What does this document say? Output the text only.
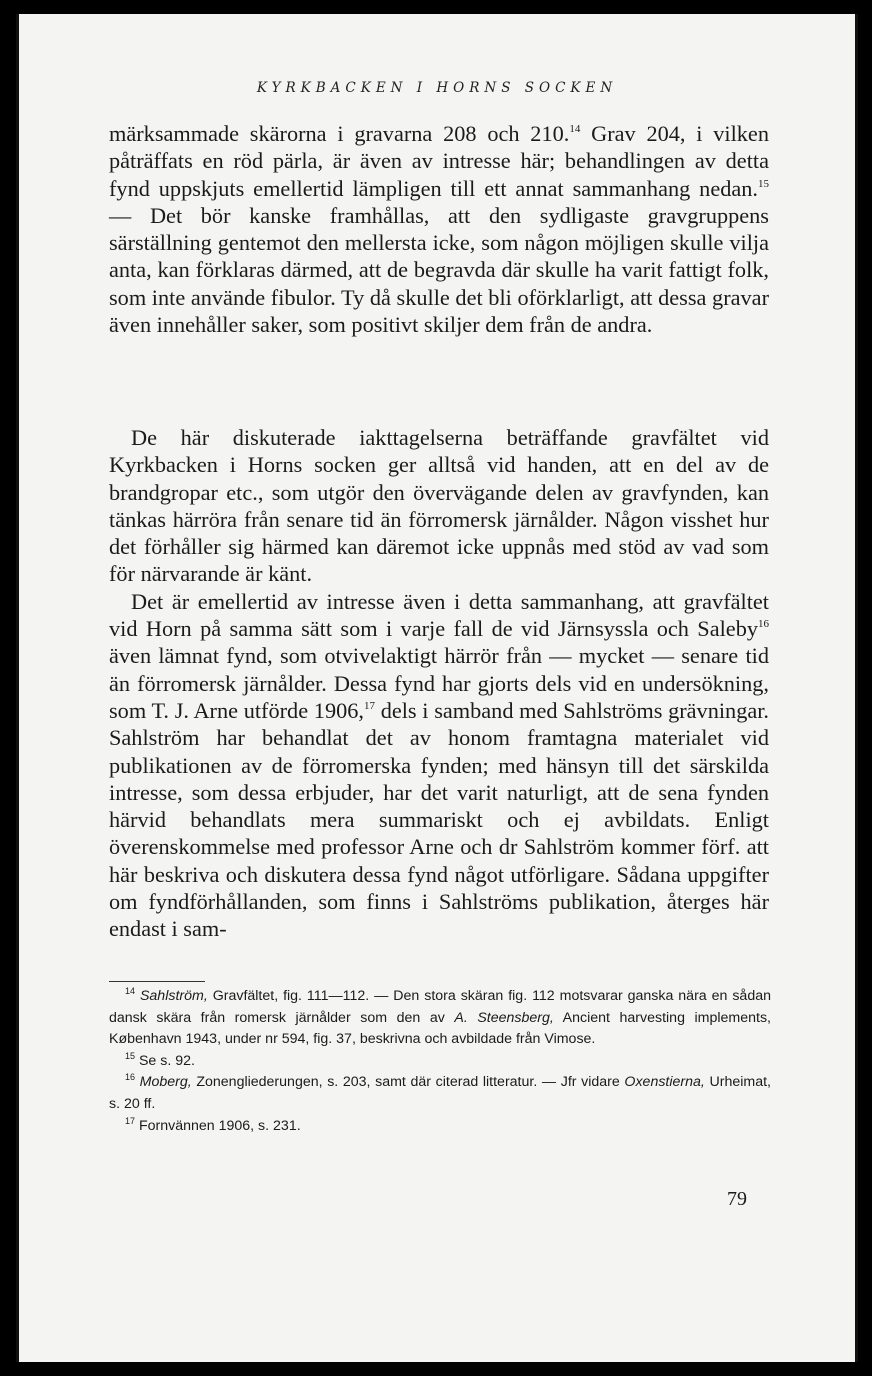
KYRKBACKEN I HORNS SOCKEN

märksammade skärorna i gravarna 208 och 210.14 Grav 204, i vilken påträffats en röd pärla, är även av intresse här; behandlingen av detta fynd uppskjuts emellertid lämpligen till ett annat sammanhang nedan.$^{15}$ — Det bör kanske framhållas, att den sydligaste gravgruppens särställning gentemot den mellersta icke, som någon möjligen skulle vilja anta, kan förklaras därmed, att de begravda där skulle ha varit fattigt folk, som inte använde fibulor. Ty då skulle det bli oförklarligt, att dessa gravar även innehåller saker, som positivt skiljer dem från de andra.

De här diskuterade iakttagelserna beträffande gravfältet vid Kyrkbacken i Horns socken ger alltså vid handen, att en del av de brandgropar etc., som utgör den övervägande delen av gravfynden, kan tänkas härröra från senare tid än förromersk järnålder. Någon visshet hur det förhåller sig härmed kan däremot icke uppnås med stöd av vad som för närvarande är känt.

Det är emellertid av intresse även i detta sammanhang, att gravfältet vid Horn på samma sätt som i varje fall de vid Järnsyssla och Saleby$^{16}$ även lämnat fynd, som otvivelaktigt härrör från — mycket — senare tid än förromersk järnålder. Dessa fynd har gjorts dels vid en undersökning, som T. J. Arne utförde 1906,17 dels i samband med Sahlströms grävningar. Sahlström har behandlat det av honom framtagna materialet vid publikationen av de förromerska fynden; med hänsyn till det särskilda intresse, som dessa erbjuder, har det varit naturligt, att de sena fynden härvid behandlats mera summariskt och ej avbildats. Enligt överenskommelse med professor Arne och dr Sahlström kommer förf. att här beskriva och diskutera dessa fynd något utförligare. Sådana uppgifter om fyndförhållanden, som finns i Sahlströms publikation, återges här endast i sam-

$^{14}$ Sahlström, Gravfältet, fig. 111—112. — Den stora skäran fig. 112 motsvarar ganska nära en sådan dansk skära från romersk järnålder som den av A. Steensberg, Ancient harvesting implements, København 1943, under nr 594, fig. 37, beskrivna och avbildade från Vimose.

$^{15}$ Se s. 92.

$^{16}$ Moberg, Zonengliederungen, s. 203, samt där citerad litteratur. — Jfr vidare Oxenstierna, Urheimat, s. 20 ff.

$^{17}$ Fornvännen 1906, s. 231.

79
